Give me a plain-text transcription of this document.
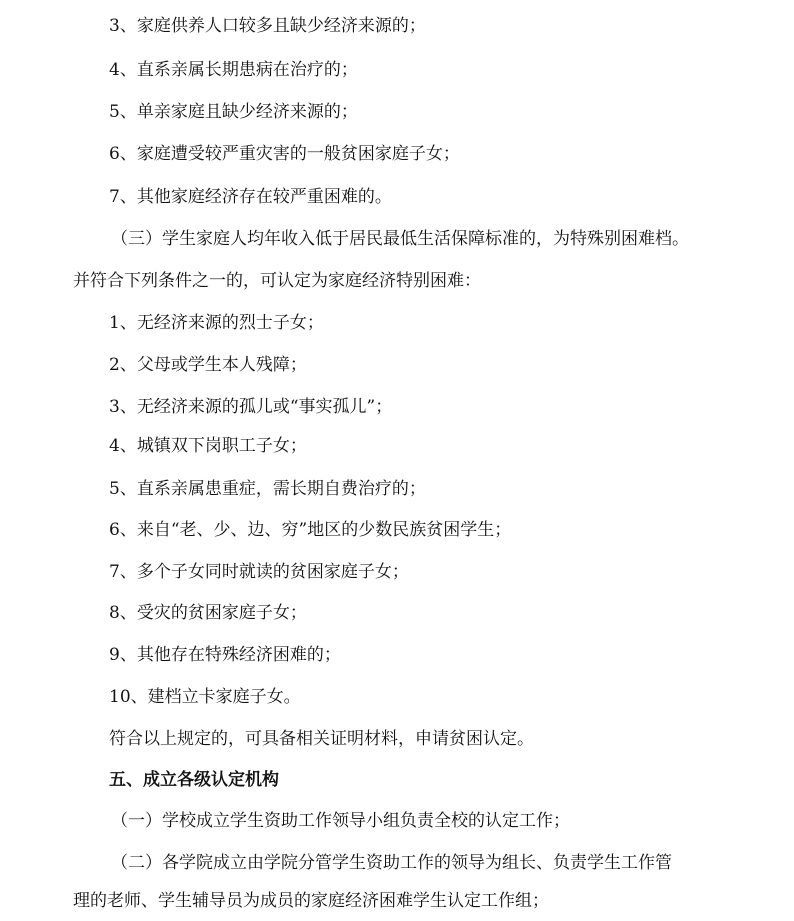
3、家庭供养人口较多且缺少经济来源的；
4、直系亲属长期患病在治疗的；
5、单亲家庭且缺少经济来源的；
6、家庭遭受较严重灾害的一般贫困家庭子女；
7、其他家庭经济存在较严重困难的。
（三）学生家庭人均年收入低于居民最低生活保障标准的，为特殊别困难档。
并符合下列条件之一的，可认定为家庭经济特别困难：
1、无经济来源的烈士子女；
2、父母或学生本人残障；
3、无经济来源的孤儿或“事实孤儿”；
4、城镇双下岗职工子女；
5、直系亲属患重症，需长期自费治疗的；
6、来自“老、少、边、穷”地区的少数民族贫困学生；
7、多个子女同时就读的贫困家庭子女；
8、受灾的贫困家庭子女；
9、其他存在特殊经济困难的；
10、建档立卡家庭子女。
符合以上规定的，可具备相关证明材料，申请贫困认定。
五、成立各级认定机构
（一）学校成立学生资助工作领导小组负责全校的认定工作；
（二）各学院成立由学院分管学生资助工作的领导为组长、负责学生工作管
理的老师、学生辅导员为成员的家庭经济困难学生认定工作组；
